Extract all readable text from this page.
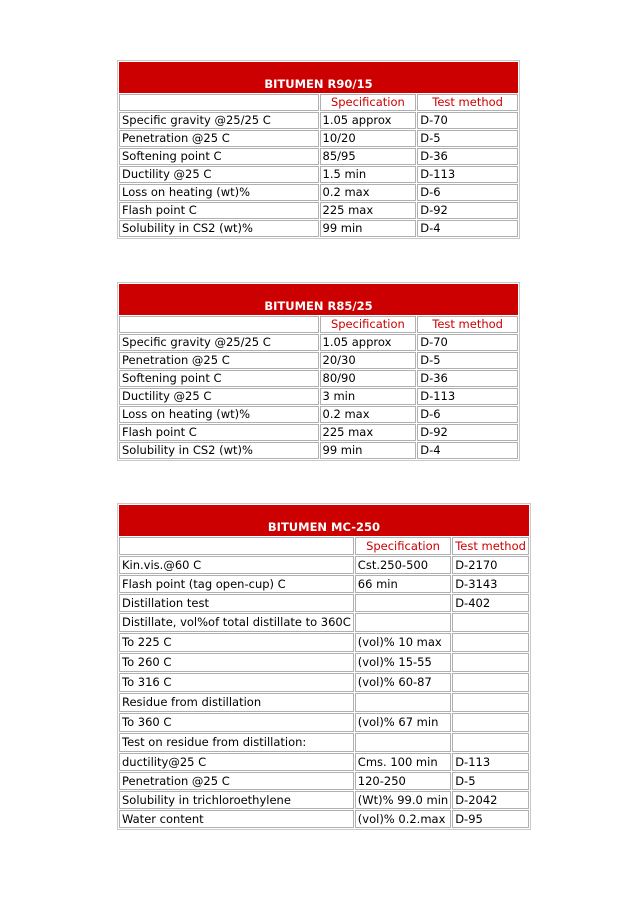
BITUMEN R90/15		
	Specification	Test method
Specific gravity @25/25 C	1.05 approx	D-70
Penetration @25 C	10/20	D-5
Softening point C	85/95	D-36
Ductility @25 C	1.5 min	D-113
Loss on heating (wt)%	0.2 max	D-6
Flash point C	225 max	D-92
Solubility in CS2 (wt)%	99 min	D-4
BITUMEN R85/25		
	Specification	Test method
Specific gravity @25/25 C	1.05 approx	D-70
Penetration @25 C	20/30	D-5
Softening point C	80/90	D-36
Ductility @25 C	3 min	D-113
Loss on heating (wt)%	0.2 max	D-6
Flash point C	225 max	D-92
Solubility in CS2 (wt)%	99 min	D-4
BITUMEN MC-250		
	Specification	Test method
Kin.vis.@60 C	Cst.250-500	D-2170
Flash point (tag open-cup) C	66 min	D-3143
Distillation test		D-402
Distillate, vol%of total distillate to 360C		
To 225 C	(vol)% 10 max	
To 260 C	(vol)% 15-55	
To 316 C	(vol)% 60-87	
Residue from distillation		
To 360 C	(vol)% 67 min	
Test on residue from distillation:		
ductility@25 C	Cms. 100 min	D-113
Penetration @25 C	120-250	D-5
Solubility in trichloroethylene	(Wt)% 99.0 min	D-2042
Water content	(vol)% 0.2.max	D-95
